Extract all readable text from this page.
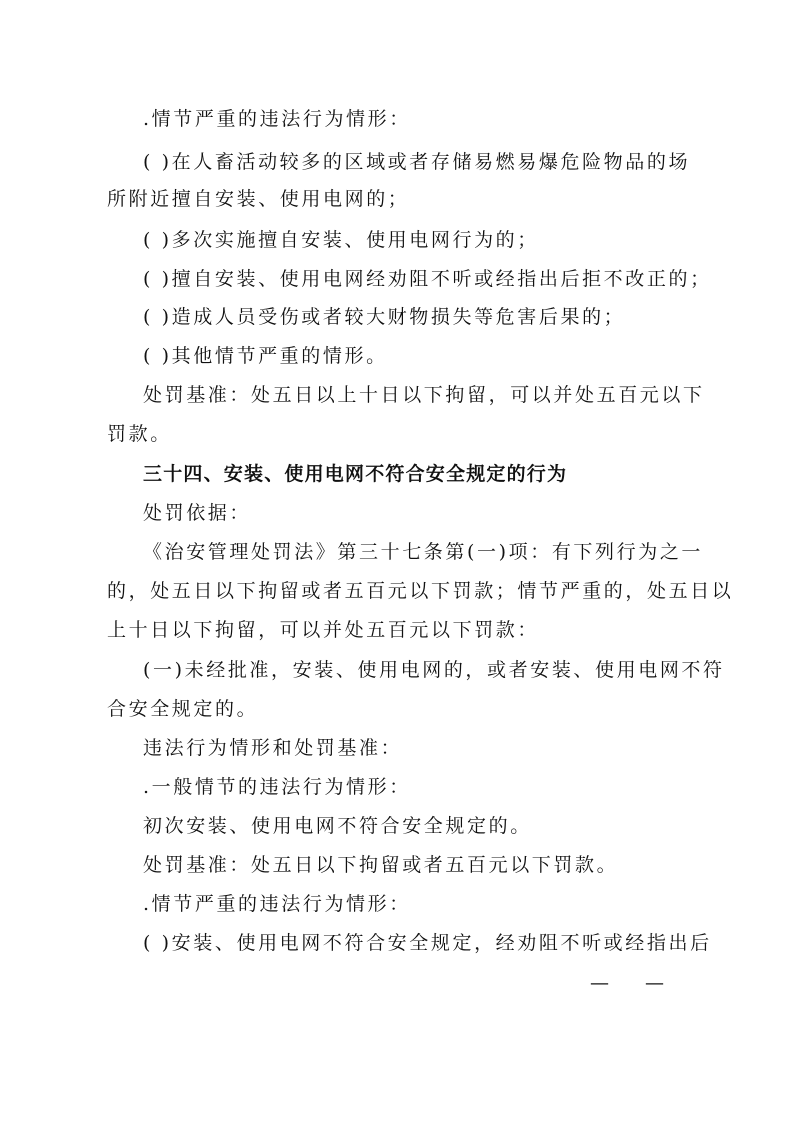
.情节严重的违法行为情形：
( )在人畜活动较多的区域或者存储易燃易爆危险物品的场
所附近擅自安装、使用电网的；
( )多次实施擅自安装、使用电网行为的；
( )擅自安装、使用电网经劝阻不听或经指出后拒不改正的；
( )造成人员受伤或者较大财物损失等危害后果的；
( )其他情节严重的情形。
处罚基准：处五日以上十日以下拘留，可以并处五百元以下
罚款。
三十四、安装、使用电网不符合安全规定的行为
处罚依据：
《治安管理处罚法》第三十七条第(一)项：有下列行为之一
的，处五日以下拘留或者五百元以下罚款；情节严重的，处五日以
上十日以下拘留，可以并处五百元以下罚款：
(一)未经批准，安装、使用电网的，或者安装、使用电网不符
合安全规定的。
违法行为情形和处罚基准：
.一般情节的违法行为情形：
初次安装、使用电网不符合安全规定的。
处罚基准：处五日以下拘留或者五百元以下罚款。
.情节严重的违法行为情形：
( )安装、使用电网不符合安全规定，经劝阻不听或经指出后
— —
